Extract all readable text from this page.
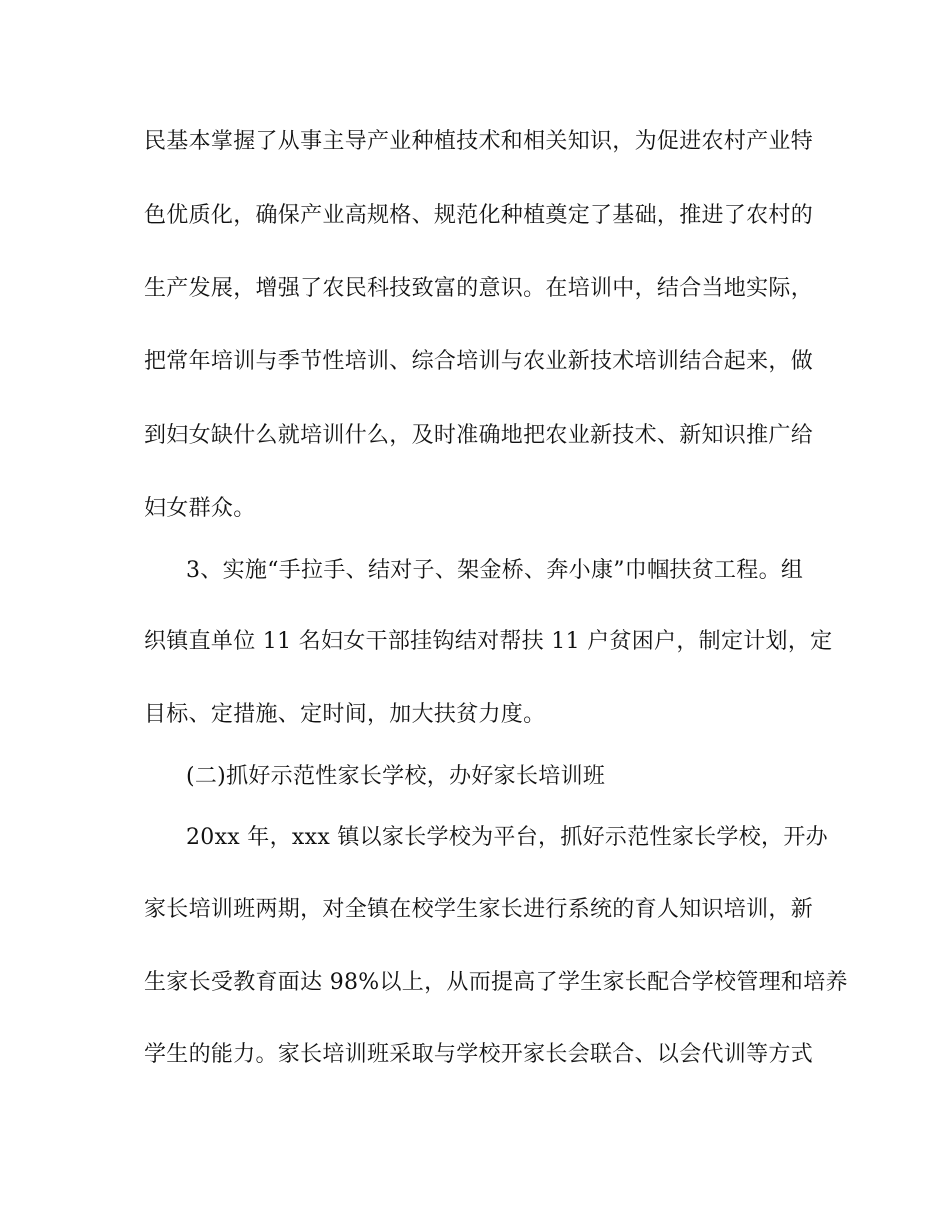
民基本掌握了从事主导产业种植技术和相关知识，为促进农村产业特
色优质化，确保产业高规格、规范化种植奠定了基础，推进了农村的
生产发展，增强了农民科技致富的意识。在培训中，结合当地实际，
把常年培训与季节性培训、综合培训与农业新技术培训结合起来，做
到妇女缺什么就培训什么，及时准确地把农业新技术、新知识推广给
妇女群众。
3、实施“手拉手、结对子、架金桥、奔小康”巾帼扶贫工程。组
织镇直单位 11 名妇女干部挂钩结对帮扶 11 户贫困户，制定计划，定
目标、定措施、定时间，加大扶贫力度。
(二)抓好示范性家长学校，办好家长培训班
20xx 年，xxx 镇以家长学校为平台，抓好示范性家长学校，开办
家长培训班两期，对全镇在校学生家长进行系统的育人知识培训，新
生家长受教育面达 98%以上，从而提高了学生家长配合学校管理和培养
学生的能力。家长培训班采取与学校开家长会联合、以会代训等方式
